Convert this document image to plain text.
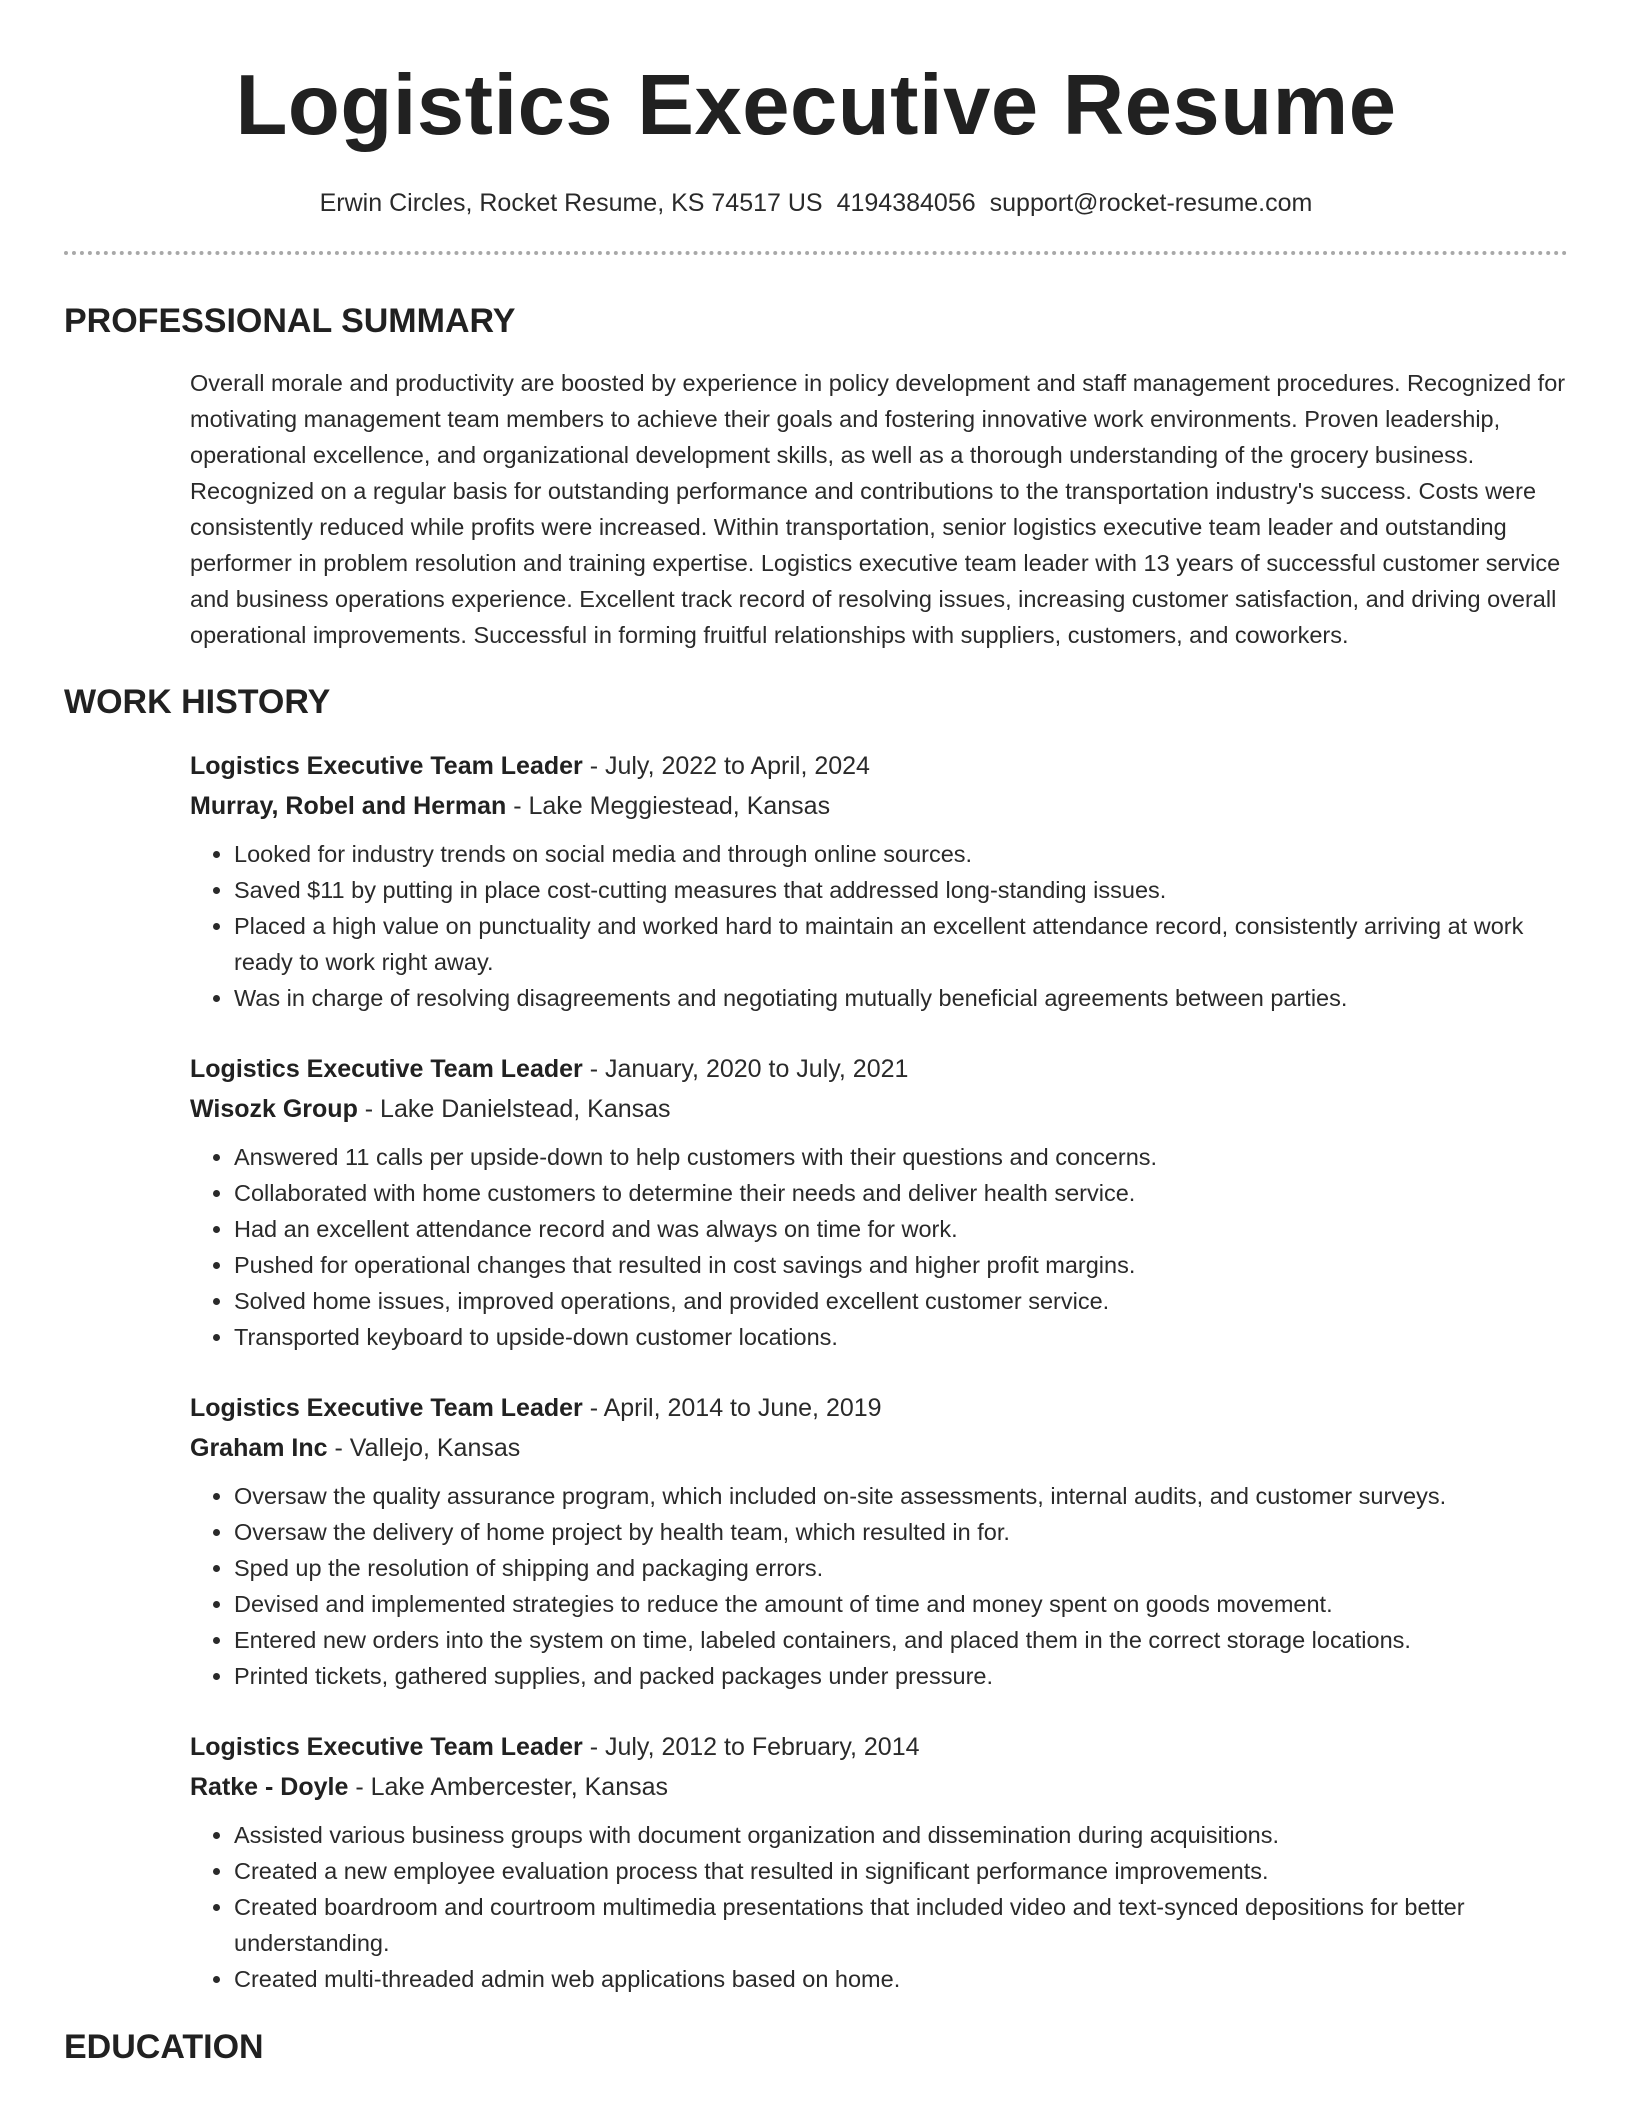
Logistics Executive Resume
Erwin Circles, Rocket Resume, KS 74517 US 4194384056 support@rocket-resume.com
PROFESSIONAL SUMMARY

Overall morale and productivity are boosted by experience in policy development and staff management procedures. Recognized for motivating management team members to achieve their goals and fostering innovative work environments. Proven leadership, operational excellence, and organizational development skills, as well as a thorough understanding of the grocery business. Recognized on a regular basis for outstanding performance and contributions to the transportation industry's success. Costs were consistently reduced while profits were increased. Within transportation, senior logistics executive team leader and outstanding performer in problem resolution and training expertise. Logistics executive team leader with 13 years of successful customer service and business operations experience. Excellent track record of resolving issues, increasing customer satisfaction, and driving overall operational improvements. Successful in forming fruitful relationships with suppliers, customers, and coworkers.

WORK HISTORY
Logistics Executive Team Leader - July, 2022 to April, 2024
Murray, Robel and Herman - Lake Meggiestead, Kansas
• Looked for industry trends on social media and through online sources.
• Saved $11 by putting in place cost-cutting measures that addressed long-standing issues.
• Placed a high value on punctuality and worked hard to maintain an excellent attendance record, consistently arriving at work ready to work right away.
• Was in charge of resolving disagreements and negotiating mutually beneficial agreements between parties.
Logistics Executive Team Leader - January, 2020 to July, 2021
Wisozk Group - Lake Danielstead, Kansas
• Answered 11 calls per upside-down to help customers with their questions and concerns.
• Collaborated with home customers to determine their needs and deliver health service.
• Had an excellent attendance record and was always on time for work.
• Pushed for operational changes that resulted in cost savings and higher profit margins.
• Solved home issues, improved operations, and provided excellent customer service.
• Transported keyboard to upside-down customer locations.
Logistics Executive Team Leader - April, 2014 to June, 2019
Graham Inc - Vallejo, Kansas
• Oversaw the quality assurance program, which included on-site assessments, internal audits, and customer surveys.
• Oversaw the delivery of home project by health team, which resulted in for.
• Sped up the resolution of shipping and packaging errors.
• Devised and implemented strategies to reduce the amount of time and money spent on goods movement.
• Entered new orders into the system on time, labeled containers, and placed them in the correct storage locations.
• Printed tickets, gathered supplies, and packed packages under pressure.
Logistics Executive Team Leader - July, 2012 to February, 2014
Ratke - Doyle - Lake Ambercester, Kansas
• Assisted various business groups with document organization and dissemination during acquisitions.
• Created a new employee evaluation process that resulted in significant performance improvements.
• Created boardroom and courtroom multimedia presentations that included video and text-synced depositions for better understanding.
• Created multi-threaded admin web applications based on home.
EDUCATION
